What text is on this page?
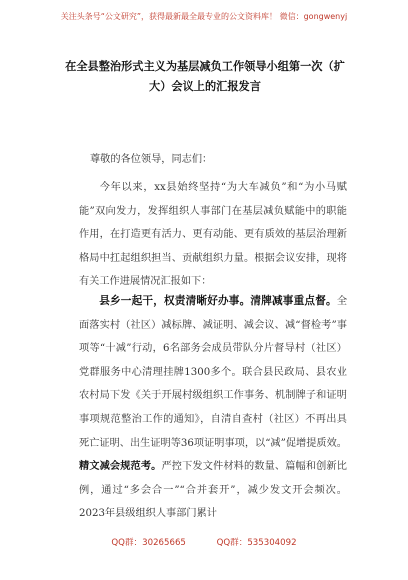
关注头条号“公文研究”，获得最新最全最专业的公文资料库！ 微信：gongwenyj
在全县整治形式主义为基层减负工作领导小组第一次（扩大）会议上的汇报发言
尊敬的各位领导，同志们：
今年以来，xx县始终坚持“为大车减负”和“为小马赋能”双向发力，发挥组织人事部门在基层减负赋能中的职能作用，在打造更有活力、更有动能、更有质效的基层治理新格局中扛起组织担当、贡献组织力量。根据会议安排，现将有关工作进展情况汇报如下：
县乡一起干，权责清晰好办事。清牌减事重点督。全面落实村（社区）减标牌、减证明、减会议、减“督检考”事项等“十减”行动，6名部务会成员带队分片督导村（社区）党群服务中心清理挂牌1300多个。联合县民政局、县农业农村局下发《关于开展村级组织工作事务、机制牌子和证明事项规范整治工作的通知》，自清自查村（社区）不再出具死亡证明、出生证明等36项证明事项，以“减”促增提质效。精文减会规范考。严控下发文件材料的数量、篇幅和创新比例，通过“多会合一”“合并套开”，减少发文开会频次。2023年县级组织人事部门累计
QQ群：30265665	QQ群：535304092
